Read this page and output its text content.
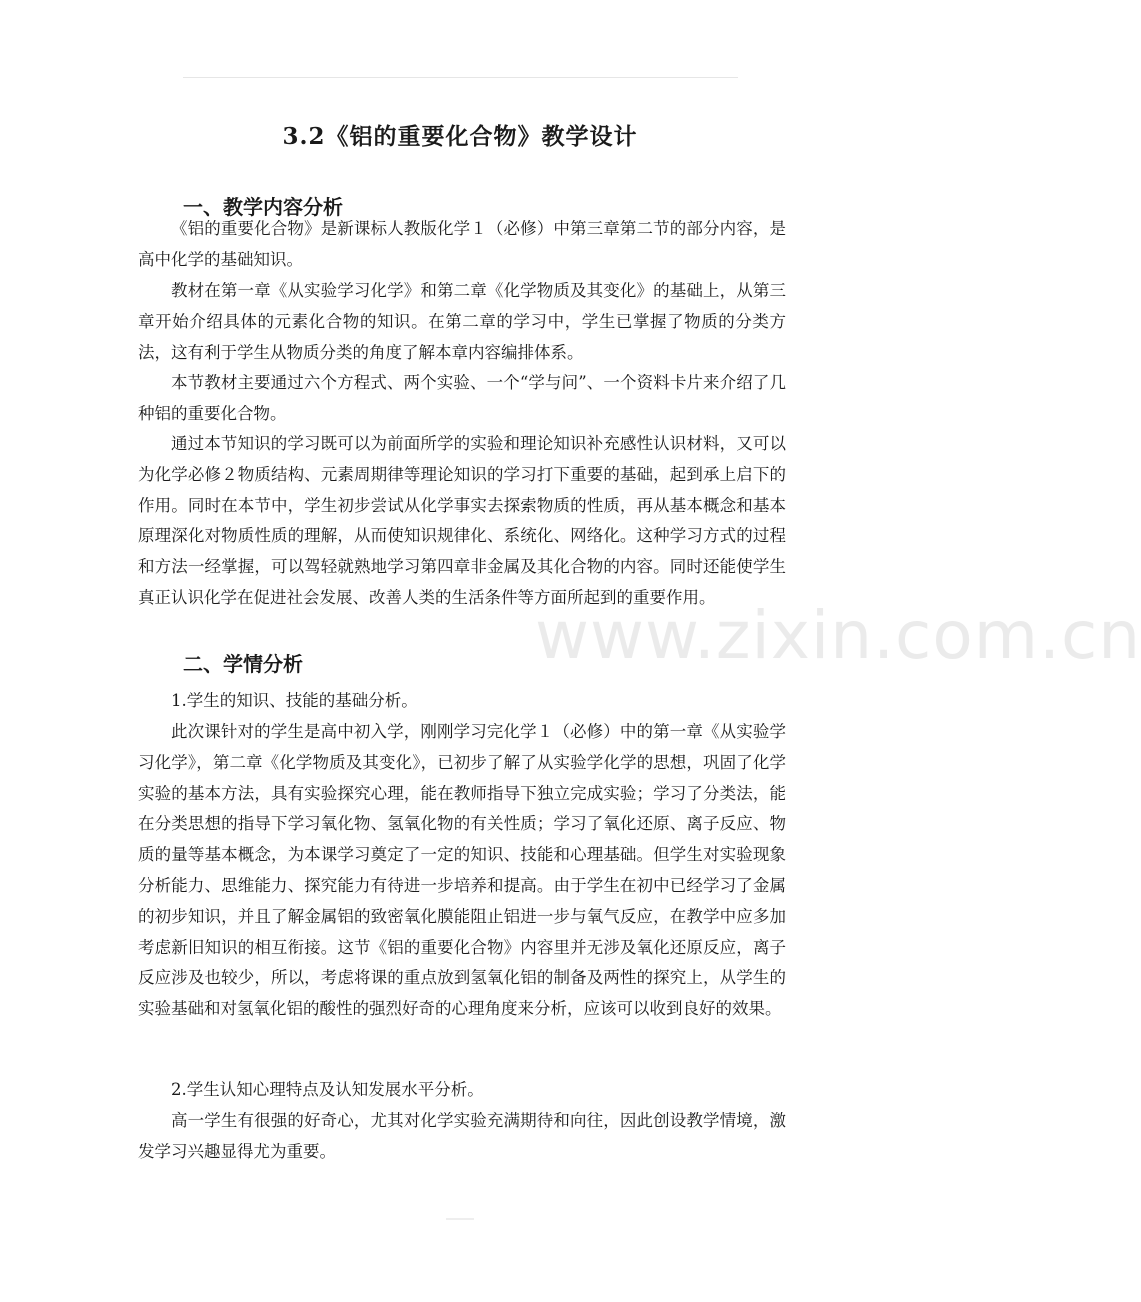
www.zixin.com.cn
3.2《铝的重要化合物》教学设计
一、教学内容分析
《铝的重要化合物》是新课标人教版化学１（必修）中第三章第二节的部分内容，是高中化学的基础知识。
教材在第一章《从实验学习化学》和第二章《化学物质及其变化》的基础上，从第三章开始介绍具体的元素化合物的知识。在第二章的学习中，学生已掌握了物质的分类方法，这有利于学生从物质分类的角度了解本章内容编排体系。
本节教材主要通过六个方程式、两个实验、一个“学与问”、一个资料卡片来介绍了几种铝的重要化合物。
通过本节知识的学习既可以为前面所学的实验和理论知识补充感性认识材料，又可以为化学必修２物质结构、元素周期律等理论知识的学习打下重要的基础，起到承上启下的作用。同时在本节中，学生初步尝试从化学事实去探索物质的性质，再从基本概念和基本原理深化对物质性质的理解，从而使知识规律化、系统化、网络化。这种学习方式的过程和方法一经掌握，可以驾轻就熟地学习第四章非金属及其化合物的内容。同时还能使学生真正认识化学在促进社会发展、改善人类的生活条件等方面所起到的重要作用。
二、学情分析
1.学生的知识、技能的基础分析。
此次课针对的学生是高中初入学，刚刚学习完化学１（必修）中的第一章《从实验学习化学》，第二章《化学物质及其变化》，已初步了解了从实验学化学的思想，巩固了化学实验的基本方法，具有实验探究心理，能在教师指导下独立完成实验；学习了分类法，能在分类思想的指导下学习氧化物、氢氧化物的有关性质；学习了氧化还原、离子反应、物质的量等基本概念，为本课学习奠定了一定的知识、技能和心理基础。但学生对实验现象分析能力、思维能力、探究能力有待进一步培养和提高。由于学生在初中已经学习了金属的初步知识，并且了解金属铝的致密氧化膜能阻止铝进一步与氧气反应，在教学中应多加考虑新旧知识的相互衔接。这节《铝的重要化合物》内容里并无涉及氧化还原反应，离子反应涉及也较少，所以，考虑将课的重点放到氢氧化铝的制备及两性的探究上，从学生的实验基础和对氢氧化铝的酸性的强烈好奇的心理角度来分析，应该可以收到良好的效果。
2.学生认知心理特点及认知发展水平分析。
高一学生有很强的好奇心，尤其对化学实验充满期待和向往，因此创设教学情境，激发学习兴趣显得尤为重要。
